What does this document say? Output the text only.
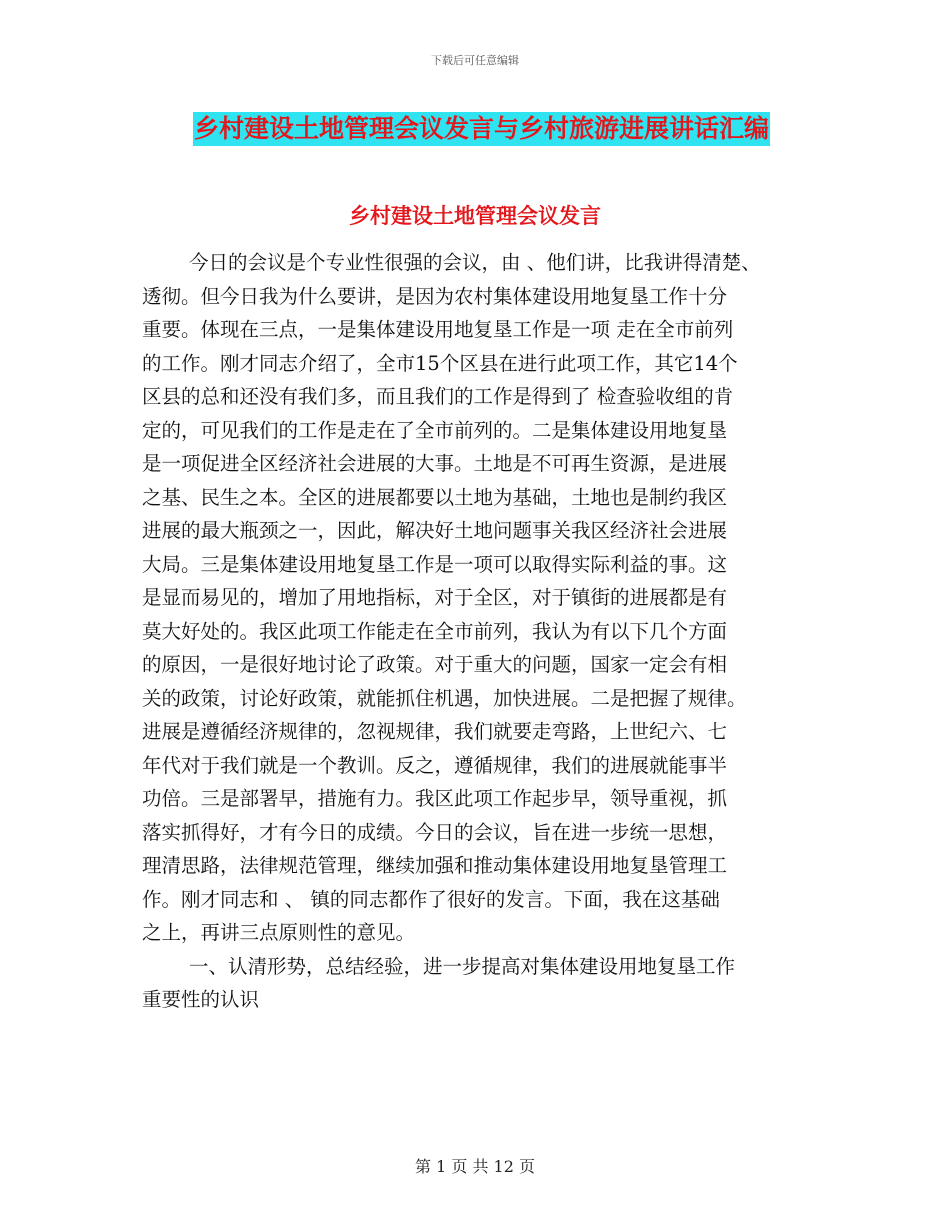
下载后可任意编辑
乡村建设土地管理会议发言与乡村旅游进展讲话汇编
乡村建设土地管理会议发言
今日的会议是个专业性很强的会议，由 、他们讲，比我讲得清楚、
透彻。但今日我为什么要讲，是因为农村集体建设用地复垦工作十分
重要。体现在三点，一是集体建设用地复垦工作是一项 走在全市前列
的工作。刚才同志介绍了，全市15个区县在进行此项工作，其它14个
区县的总和还没有我们多，而且我们的工作是得到了 检查验收组的肯
定的，可见我们的工作是走在了全市前列的。二是集体建设用地复垦
是一项促进全区经济社会进展的大事。土地是不可再生资源，是进展
之基、民生之本。全区的进展都要以土地为基础，土地也是制约我区
进展的最大瓶颈之一，因此，解决好土地问题事关我区经济社会进展
大局。三是集体建设用地复垦工作是一项可以取得实际利益的事。这
是显而易见的，增加了用地指标，对于全区，对于镇街的进展都是有
莫大好处的。我区此项工作能走在全市前列，我认为有以下几个方面
的原因，一是很好地讨论了政策。对于重大的问题，国家一定会有相
关的政策，讨论好政策，就能抓住机遇，加快进展。二是把握了规律。
进展是遵循经济规律的，忽视规律，我们就要走弯路，上世纪六、七
年代对于我们就是一个教训。反之，遵循规律，我们的进展就能事半
功倍。三是部署早，措施有力。我区此项工作起步早，领导重视，抓
落实抓得好，才有今日的成绩。今日的会议，旨在进一步统一思想，
理清思路，法律规范管理，继续加强和推动集体建设用地复垦管理工
作。刚才同志和 、 镇的同志都作了很好的发言。下面，我在这基础
之上，再讲三点原则性的意见。
一、认清形势，总结经验，进一步提高对集体建设用地复垦工作
重要性的认识
第 1 页 共 12 页
